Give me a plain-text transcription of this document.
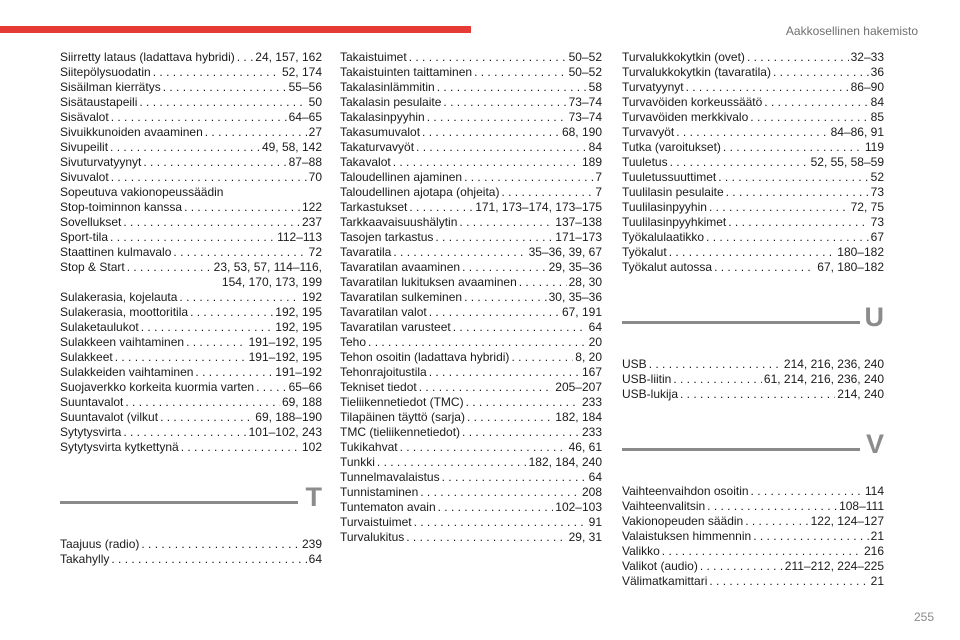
Aakkosellinen hakemisto
Siirretty lataus (ladattava hybridi) . . . 24, 157, 162
Siitepölysuodatin . . .	52, 174
Sisäilman kierrätys . . .	55–56
Sisätaustapeili . . .	50
Sisävalot . . .	64–65
Sivuikkunoiden avaaminen . . .	27
Sivupeilit . . .	49, 58, 142
Sivuturvatyynyt . . .	87–88
Sivuvalot . . .	70
Sopeutuva vakionopeussäädin
Stop-toiminnon kanssa . . .	122
Sovellukset . . .	237
Sport-tila . . .	112–113
Staattinen kulmavalo . . .	72
Stop & Start . . .	23, 53, 57, 114–116,
154, 170, 173, 199
Sulakerasia, kojelauta . . .	192
Sulakerasia, moottoritila . . .	192, 195
Sulaketaulukot . . .	192, 195
Sulakkeen vaihtaminen . . .	191–192, 195
Sulakkeet . . .	191–192, 195
Sulakkeiden vaihtaminen . . .	191–192
Suojaverkko korkeita kuormia varten . . .	65–66
Suuntavalot . . .	69, 188
Suuntavalot (vilkut . . .	69, 188–190
Sytytysvirta . . .	101–102, 243
Sytytysvirta kytkettynä . . .	102
T
Taajuus (radio) . . .	239
Takahylly . . .	64
Takaistuimet . . .	50–52
Takaistuinten taittaminen . . .	50–52
Takalasinlämmitin . . .	58
Takalasin pesulaite . . .	73–74
Takalasinpyyhin . . .	73–74
Takasumuvalot . . .	68, 190
Takaturvavyöt . . .	84
Takavalot . . .	189
Taloudellinen ajaminen . . .	7
Taloudellinen ajotapa (ohjeita) . . .	7
Tarkastukset . . .	171, 173–174, 173–175
Tarkkaavaisuushälytin . . .	137–138
Tasojen tarkastus . . .	171–173
Tavaratila . . .	35–36, 39, 67
Tavaratilan avaaminen . . .	29, 35–36
Tavaratilan lukituksen avaaminen . . .	28, 30
Tavaratilan sulkeminen . . .	30, 35–36
Tavaratilan valot . . .	67, 191
Tavaratilan varusteet . . .	64
Teho . . .	20
Tehon osoitin (ladattava hybridi) . . .	8, 20
Tehonrajoitustila . . .	167
Tekniset tiedot . . .	205–207
Tieliikennetiedot (TMC) . . .	233
Tilapäinen täyttö (sarja) . . .	182, 184
TMC (tieliikennetiedot) . . .	233
Tukikahvat . . .	46, 61
Tunkki . . .	182, 184, 240
Tunnelmavalaistus . . .	64
Tunnistaminen . . .	208
Tuntematon avain . . .	102–103
Turvaistuimet . . .	91
Turvalukitus . . .	29, 31
Turvalukkokytkin (ovet) . . .	32–33
Turvalukkokytkin (tavaratila) . . .	36
Turvatyynyt . . .	86–90
Turvavöiden korkeussäätö . . .	84
Turvavöiden merkkivalo . . .	85
Turvavyöt . . .	84–86, 91
Tutka (varoitukset) . . .	119
Tuuletus . . .	52, 55, 58–59
Tuuletussuuttimet . . .	52
Tuulilasin pesulaite . . .	73
Tuulilasinpyyhin . . .	72, 75
Tuulilasinpyyhkimet . . .	73
Työkalulaatikko . . .	67
Työkalut . . .	180–182
Työkalut autossa . . .	67, 180–182
U
USB . . .	214, 216, 236, 240
USB-liitin . . .	61, 214, 216, 236, 240
USB-lukija . . .	214, 240
V
Vaihteenvaihdon osoitin . . .	114
Vaihteenvalitsin . . .	108–111
Vakionopeuden säädin . . .	122, 124–127
Valaistuksen himmennin . . .	21
Valikko . . .	216
Valikot (audio) . . .	211–212, 224–225
Välimatkamittari . . .	21
255
